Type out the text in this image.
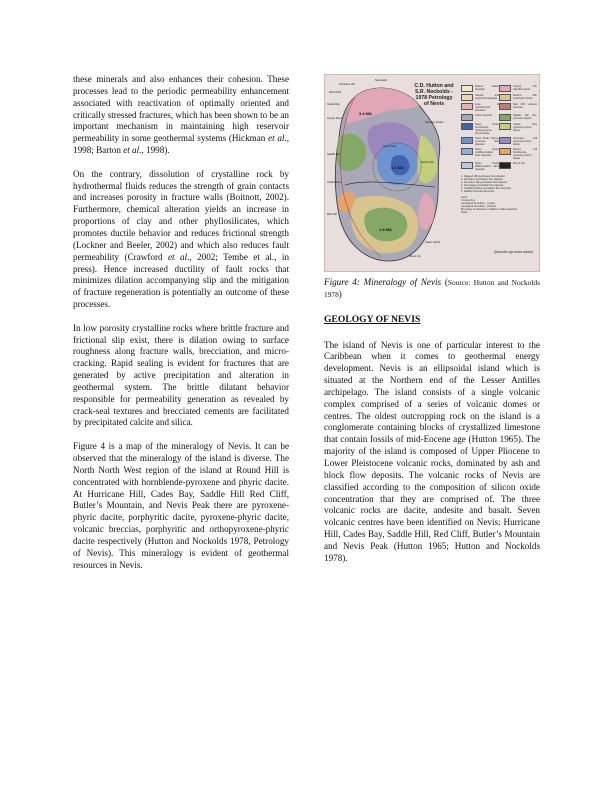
these minerals and also enhances their cohesion. These processes lead to the periodic permeability enhancement associated with reactivation of optimally oriented and critically stressed fractures, which has been shown to be an important mechanism in maintaining high reservoir permeability in some geothermal systems (Hickman et al., 1998; Barton et al., 1998).

On the contrary, dissolution of crystalline rock by hydrothermal fluids reduces the strength of grain contacts and increases porosity in fracture walls (Boitnott, 2002). Furthermore, chemical alteration yields an increase in proportions of clay and other phyllosilicates, which promotes ductile behavior and reduces frictional strength (Lockner and Beeler, 2002) and which also reduces fault permeability (Crawford et al., 2002; Tembe et al., in press). Hence increased ductility of fault rocks that minimizes dilation accompanying slip and the mitigation of fracture regeneration is potentially an outcome of these processes.

In low porosity crystalline rocks where brittle fracture and frictional slip exist, there is dilation owing to surface roughness along fracture walls, brecciation, and micro-cracking. Rapid sealing is evident for fractures that are generated by active precipitation and alteration in geothermal system. The brittle dilatant behavior responsible for permeability generation as revealed by crack-seal textures and brecciated cements are facilitated by precipitated calcite and silica.

Figure 4 is a map of the mineralogy of Nevis. It can be observed that the mineralogy of the island is diverse. The North North West region of the island at Round Hill is concentrated with hornblende-pyroxene and phyric dacite. At Hurricane Hill, Cades Bay, Saddle Hill Red Cliff, Butler’s Mountain, and Nevis Peak there are pyroxene-phyric dacite, porphyritic dacite, pyroxene-phyric dacite, volcanic breccias, porphyritic and orthopyroxene-phyric dacite respectively (Hutton and Nockolds 1978, Petrology of Nevis). This mineralogy is evident of geothermal resources in Nevis.

Hurricane Hill
Newcastle
Round Hill
Cades Bay
Camps River
Nevis Peak
Hamilton Estate
Saddle Hill
Butlers Mtn
Charlestown
Red Cliff
Indian Castle
Mount Lily
3.4 MA
1.1 MA
1.8 MA
C.D. Hutton and S.R. Nockolds - 1978 Petrology of Nevis
Raised beach deposits
Camps Hill, Hamilton lavas
Alluvial and superficial deposits
Butler's Mtn porphyritic dacite
Area of hydrothermal alteration
Red Cliff volcanic breccias
Lahar deposits	Saddle Hill two-pyroxene dacite
Nevis Peak: hornblende-orthopyroxene-phyric dacite
Cades Bay pyroxene-phyric dacite
Nevis Peak: olivine-pyroxene flow deposits
Hurricane Hill pyroxene-phyric dacite
Nevis Peak: undifferentiated flank deposits
Round Hill hornblende-pyroxene-phyric dacite
Nevis Peak: Differentiated flank deposits
Mount Lily
1. Ragged Hill pyroclastic flow deposit
2. Hurricane pyroclastic flow deposit
3. Hurricane Hill pyroclastic flow deposit
4. Hermitage pyroclastic flow deposit
5. Undifferentiated pyroclastic flow deposits
6. Saddle Mountain lava flow
Fault
Contour line
Geological boundary - certain
Geological boundary - inferred
Boundary of extensive mudflow or lahar deposits
Road
(Absolute age dates added)
Figure 4: Mineralogy of Nevis (Source: Hutton and Nockolds 1978)
GEOLOGY OF NEVIS

The island of Nevis is one of particular interest to the Caribbean when it comes to geothermal energy development. Nevis is an ellipsoidal island which is situated at the Northern end of the Lesser Antilles archipelago. The island consists of a single volcanic complex comprised of a series of volcanic domes or centres. The oldest outcropping rock on the island is a conglomerate containing blocks of crystallized limestone that contain fossils of mid-Eocene age (Hutton 1965). The majority of the island is composed of Upper Pliocene to Lower Pleistocene volcanic rocks, dominated by ash and block flow deposits. The volcanic rocks of Nevis are classified according to the composition of silicon oxide concentration that they are comprised of. The three volcanic rocks are dacite, andesite and basalt. Seven volcanic centres have been identified on Nevis: Hurricane Hill, Cades Bay, Saddle Hill, Red Cliff, Butler’s Mountain and Nevis Peak (Hutton 1965; Hutton and Nockolds 1978).
